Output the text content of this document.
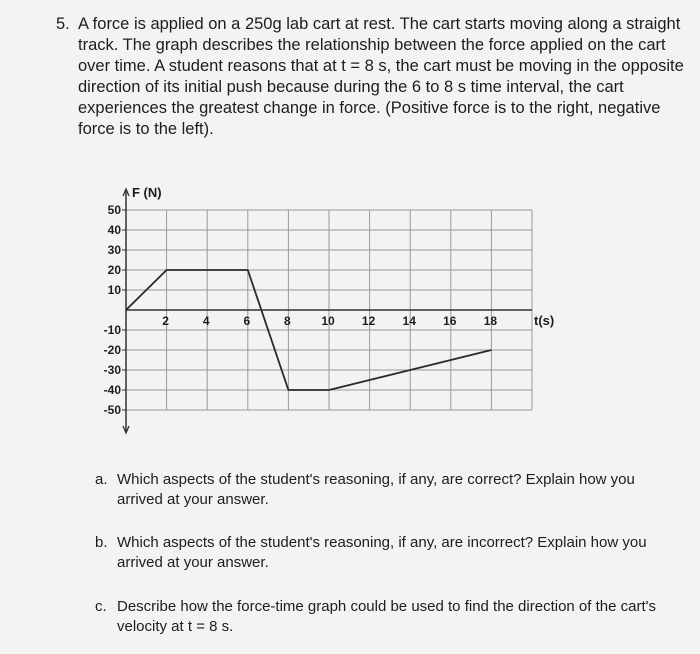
5. A force is applied on a 250g lab cart at rest. The cart starts moving along a straight track. The graph describes the relationship between the force applied on the cart over time. A student reasons that at t = 8 s, the cart must be moving in the opposite direction of its initial push because during the 6 to 8 s time interval, the cart experiences the greatest change in force. (Positive force is to the right, negative force is to the left).
50
40
30
20
10
-10
-20
-30
-40
-50
2	4	6	8	10 12 14 16 18
F (N)
t(s)
a. Which aspects of the student's reasoning, if any, are correct? Explain how you arrived at your answer.
b. Which aspects of the student's reasoning, if any, are incorrect? Explain how you arrived at your answer.
c. Describe how the force-time graph could be used to find the direction of the cart's velocity at t = 8 s.
